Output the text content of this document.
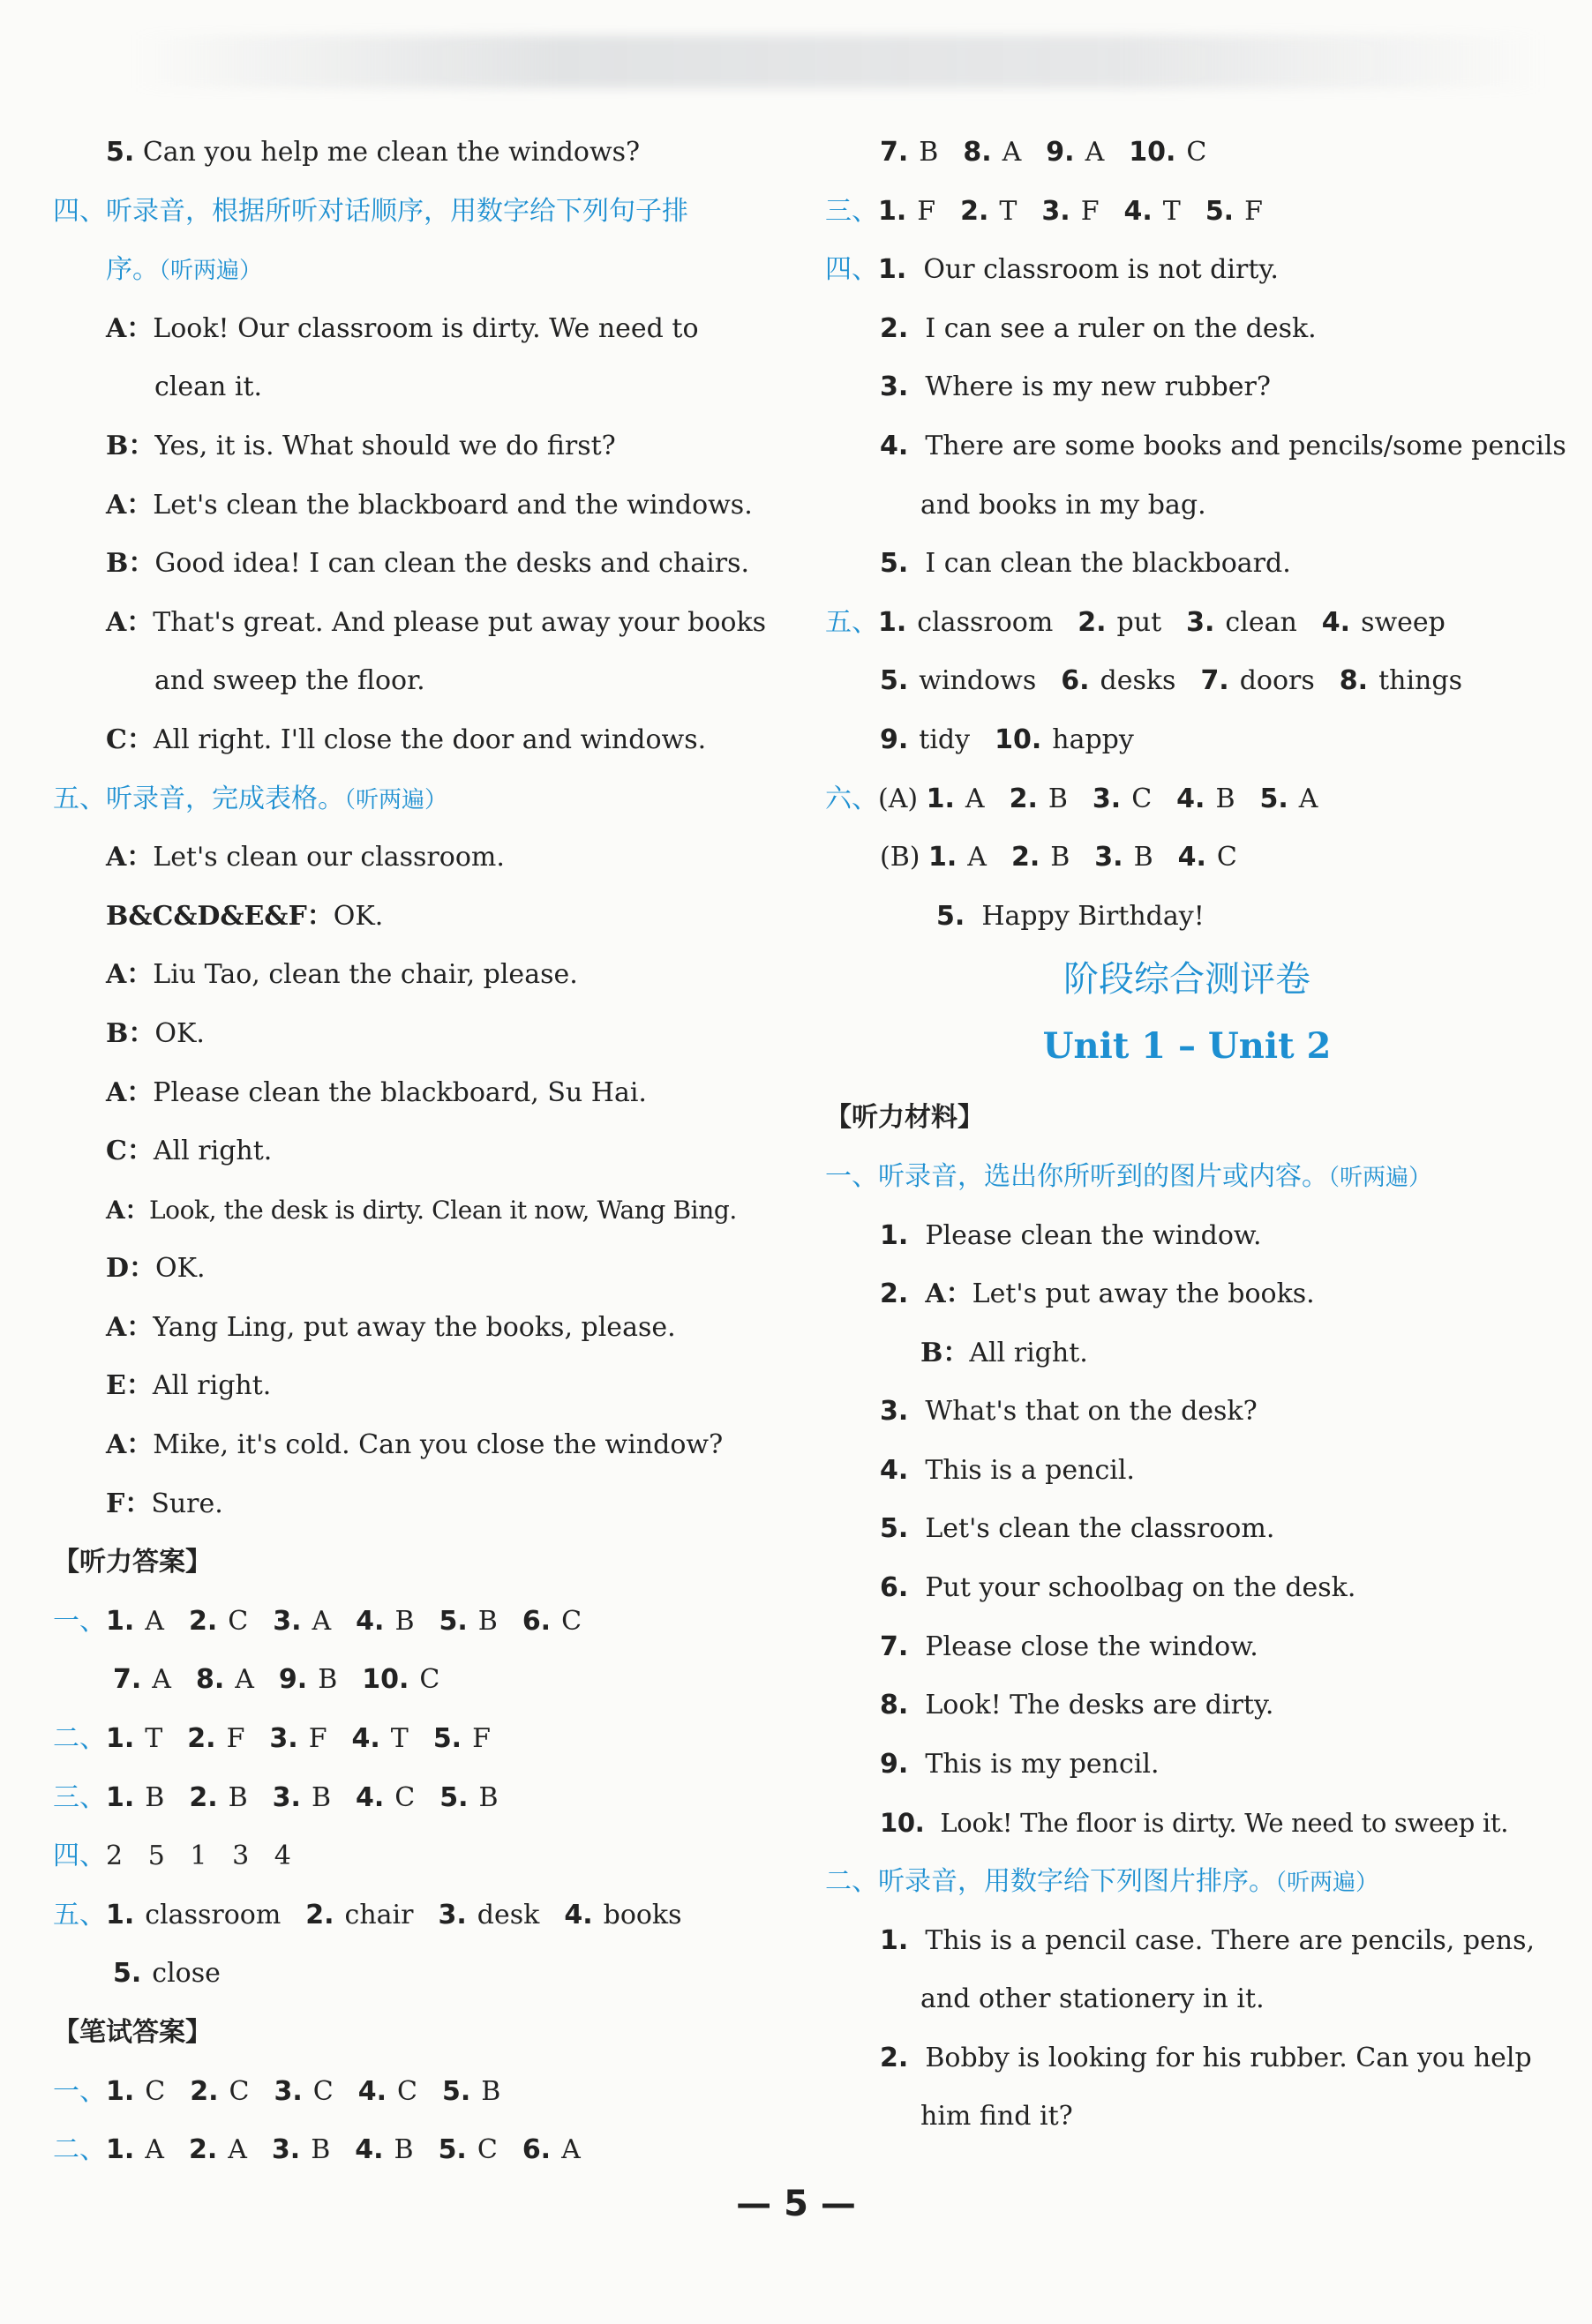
5. Can you help me clean the windows?
四、听录音，根据所听对话顺序，用数字给下列句子排
序。（听两遍）
A：Look! Our classroom is dirty. We need to
clean it.
B：Yes, it is. What should we do first?
A：Let's clean the blackboard and the windows.
B：Good idea! I can clean the desks and chairs.
A：That's great. And please put away your books
and sweep the floor.
C：All right. I'll close the door and windows.
五、听录音，完成表格。（听两遍）
A：Let's clean our classroom.
B&C&D&E&F：OK.
A：Liu Tao, clean the chair, please.
B：OK.
A：Please clean the blackboard, Su Hai.
C：All right.
A：Look, the desk is dirty. Clean it now, Wang Bing.
D：OK.
A：Yang Ling, put away the books, please.
E：All right.
A：Mike, it's cold. Can you close the window?
F：Sure.
【听力答案】
一、1. A 2. C 3. A 4. B 5. B 6. C
7. A 8. A 9. B 10. C
二、1. T 2. F 3. F 4. T 5. F
三、1. B 2. B 3. B 4. C 5. B
四、2   5   1   3   4
五、1. classroom 2. chair 3. desk 4. books
5. close
【笔试答案】
一、1. C 2. C 3. C 4. C 5. B
二、1. A 2. A 3. B 4. B 5. C 6. A
7. B 8. A 9. A 10. C
三、1. F 2. T 3. F 4. T 5. F
四、1. Our classroom is not dirty.
2. I can see a ruler on the desk.
3. Where is my new rubber?
4. There are some books and pencils/some pencils
and books in my bag.
5. I can clean the blackboard.
五、1. classroom 2. put 3. clean 4. sweep
5. windows 6. desks 7. doors 8. things
9. tidy 10. happy
六、(A) 1. A 2. B 3. C 4. B 5. A
(B) 1. A 2. B 3. B 4. C
5. Happy Birthday!
阶段综合测评卷
Unit 1 – Unit 2
【听力材料】
一、听录音，选出你所听到的图片或内容。（听两遍）
1. Please clean the window.
2. A：Let's put away the books.
B：All right.
3. What's that on the desk?
4. This is a pencil.
5. Let's clean the classroom.
6. Put your schoolbag on the desk.
7. Please close the window.
8. Look! The desks are dirty.
9. This is my pencil.
10. Look! The floor is dirty. We need to sweep it.
二、听录音，用数字给下列图片排序。（听两遍）
1. This is a pencil case. There are pencils, pens,
and other stationery in it.
2. Bobby is looking for his rubber. Can you help
him find it?
— 5 —
